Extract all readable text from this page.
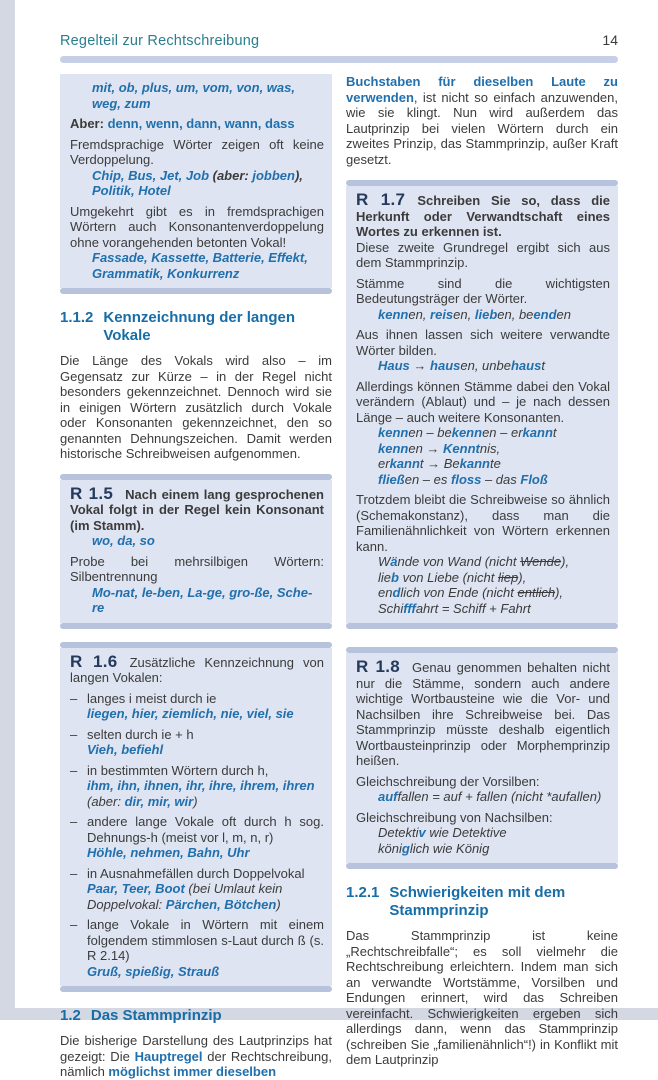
Regelteil zur Rechtschreibung	14
mit, ob, plus, um, vom, von, was, weg, zum
Aber: denn, wenn, dann, wann, dass
Fremdsprachige Wörter zeigen oft keine Verdoppelung.
Chip, Bus, Jet, Job (aber: jobben), Politik, Hotel
Umgekehrt gibt es in fremdsprachigen Wörtern auch Konsonantenverdoppelung ohne vorangehenden betonten Vokal!
Fassade, Kassette, Batterie, Effekt, Grammatik, Konkurrenz
1.1.2 Kennzeichnung der langen Vokale

Die Länge des Vokals wird also – im Gegensatz zur Kürze – in der Regel nicht besonders gekennzeichnet. Dennoch wird sie in einigen Wörtern zusätzlich durch Vokale oder Konsonanten gekennzeichnet, den so genannten Dehnungszeichen. Damit werden historische Schreibweisen aufgenommen.

R 1.5 Nach einem lang gesprochenen Vokal folgt in der Regel kein Konsonant (im Stamm).

wo, da, so

Probe bei mehrsilbigen Wörtern: Silbentrennung

Mo-nat, le-ben, La-ge, gro-ße, Sche-re

R 1.6 Zusätzliche Kennzeichnung von langen Vokalen:

– langes i meist durch ie
liegen, hier, ziemlich, nie, viel, sie
– selten durch ie + h
Vieh, befiehl
– in bestimmten Wörtern durch h,
ihm, ihn, ihnen, ihr, ihre, ihrem, ihren (aber: dir, mir, wir)
– andere lange Vokale oft durch h sog. Dehnungs-h (meist vor l, m, n, r)
Höhle, nehmen, Bahn, Uhr
– in Ausnahmefällen durch Doppelvokal
Paar, Teer, Boot (bei Umlaut kein Doppelvokal: Pärchen, Bötchen)
– lange Vokale in Wörtern mit einem folgendem stimmlosen s-Laut durch ß (s. R 2.14)
Gruß, spießig, Strauß
1.2 Das Stammprinzip

Die bisherige Darstellung des Lautprinzips hat gezeigt: Die Hauptregel der Rechtschreibung, nämlich möglichst immer dieselben

Buchstaben für dieselben Laute zu verwenden, ist nicht so einfach anzuwenden, wie sie klingt. Nun wird außerdem das Lautprinzip bei vielen Wörtern durch ein zweites Prinzip, das Stammprinzip, außer Kraft gesetzt.

R 1.7 Schreiben Sie so, dass die Herkunft oder Verwandtschaft eines Wortes zu erkennen ist.

Diese zweite Grundregel ergibt sich aus dem Stammprinzip.

Stämme sind die wichtigsten Bedeutungsträger der Wörter.

kennen, reisen, lieben, beenden

Aus ihnen lassen sich weitere verwandte Wörter bilden.

Haus → hausen, unbehaust

Allerdings können Stämme dabei den Vokal verändern (Ablaut) und – je nach dessen Länge – auch weitere Konsonanten.

kennen – bekennen – erkannt
kennen → Kenntnis,
erkannt → Bekannte
fließen – es floss – das Floß

Trotzdem bleibt die Schreibweise so ähnlich (Schemakonstanz), dass man die Familienähnlichkeit von Wörtern erkennen kann.

Wände von Wand (nicht Wende),
lieb von Liebe (nicht liep),
endlich von Ende (nicht entlich),
Schifffahrt = Schiff + Fahrt

R 1.8 Genau genommen behalten nicht nur die Stämme, sondern auch andere wichtige Wortbausteine wie die Vor- und Nachsilben ihre Schreibweise bei. Das Stammprinzip müsste deshalb eigentlich Wortbausteinprinzip oder Morphemprinzip heißen.

Gleichschreibung der Vorsilben:

auffallen = auf + fallen (nicht *aufallen)

Gleichschreibung von Nachsilben:

Detektiv wie Detektive
königlich wie König
1.2.1 Schwierigkeiten mit dem Stammprinzip

Das Stammprinzip ist keine „Rechtschreibfalle“; es soll vielmehr die Rechtschreibung erleichtern. Indem man sich an verwandte Wortstämme, Vorsilben und Endungen erinnert, wird das Schreiben vereinfacht. Schwierigkeiten ergeben sich allerdings dann, wenn das Stammprinzip (schreiben Sie „familienähnlich“!) in Konflikt mit dem Lautprinzip
